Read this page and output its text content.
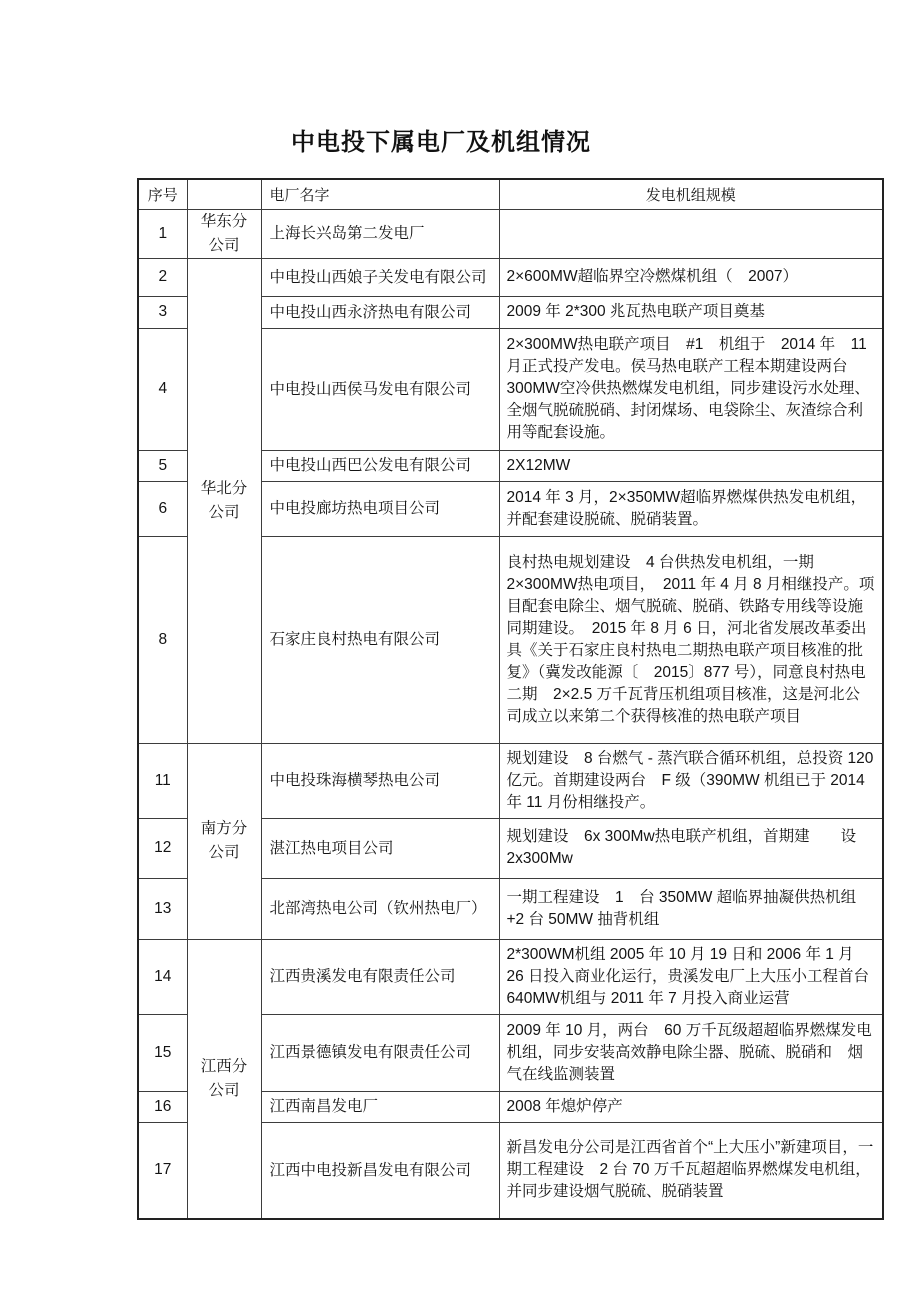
中电投下属电厂及机组情况
序号		电厂名字	发电机组规模
1	华东分公司	上海长兴岛第二发电厂	
2	华北分公司	中电投山西娘子关发电有限公司	2×600MW超临界空冷燃煤机组（　2007）
3		中电投山西永济热电有限公司	2009 年 2*300 兆瓦热电联产项目奠基
4		中电投山西侯马发电有限公司	2×300MW热电联产项目　#1　机组于　2014 年　11 月正式投产发电。侯马热电联产工程本期建设两台 300MW空冷供热燃煤发电机组，同步建设污水处理、全烟气脱硫脱硝、封闭煤场、电袋除尘、灰渣综合利用等配套设施。
5		中电投山西巴公发电有限公司	2X12MW
6		中电投廊坊热电项目公司	2014 年 3 月，2×350MW超临界燃煤供热发电机组，并配套建设脱硫、脱硝装置。
8		石家庄良村热电有限公司	良村热电规划建设　4 台供热发电机组，一期　2×300MW热电项目，　2011 年 4 月 8 月相继投产。项目配套电除尘、烟气脱硫、脱硝、铁路专用线等设施同期建设。　2015 年 8 月 6 日，河北省发展改革委出具《关于石家庄良村热电二期热电联产项目核准的批复》（冀发改能源〔　2015〕877 号），同意良村热电二期　2×2.5 万千瓦背压机组项目核准，这是河北公司成立以来第二个获得核准的热电联产项目
11	南方分公司	中电投珠海横琴热电公司	规划建设　8 台燃气 - 蒸汽联合循环机组，总投资 120 亿元。首期建设两台　F 级（390MW 机组已于 2014 年 11 月份相继投产。
12		湛江热电项目公司	规划建设　6x 300Mw热电联产机组，首期建　　设 2x300Mw
13		北部湾热电公司（钦州热电厂）	一期工程建设　1　台 350MW 超临界抽凝供热机组 +2 台 50MW 抽背机组
14	江西分公司	江西贵溪发电有限责任公司	2*300WM机组 2005 年 10 月 19 日和 2006 年 1 月 26 日投入商业化运行，贵溪发电厂上大压小工程首台 640MW机组与 2011 年 7 月投入商业运营
15		江西景德镇发电有限责任公司	2009 年 10 月，两台　60 万千瓦级超超临界燃煤发电机组，同步安装高效静电除尘器、脱硫、脱硝和　烟气在线监测装置
16		江西南昌发电厂	2008 年熄炉停产
17		江西中电投新昌发电有限公司	新昌发电分公司是江西省首个“上大压小”新建项目，一期工程建设　2 台 70 万千瓦超超临界燃煤发电机组，并同步建设烟气脱硫、脱硝装置
